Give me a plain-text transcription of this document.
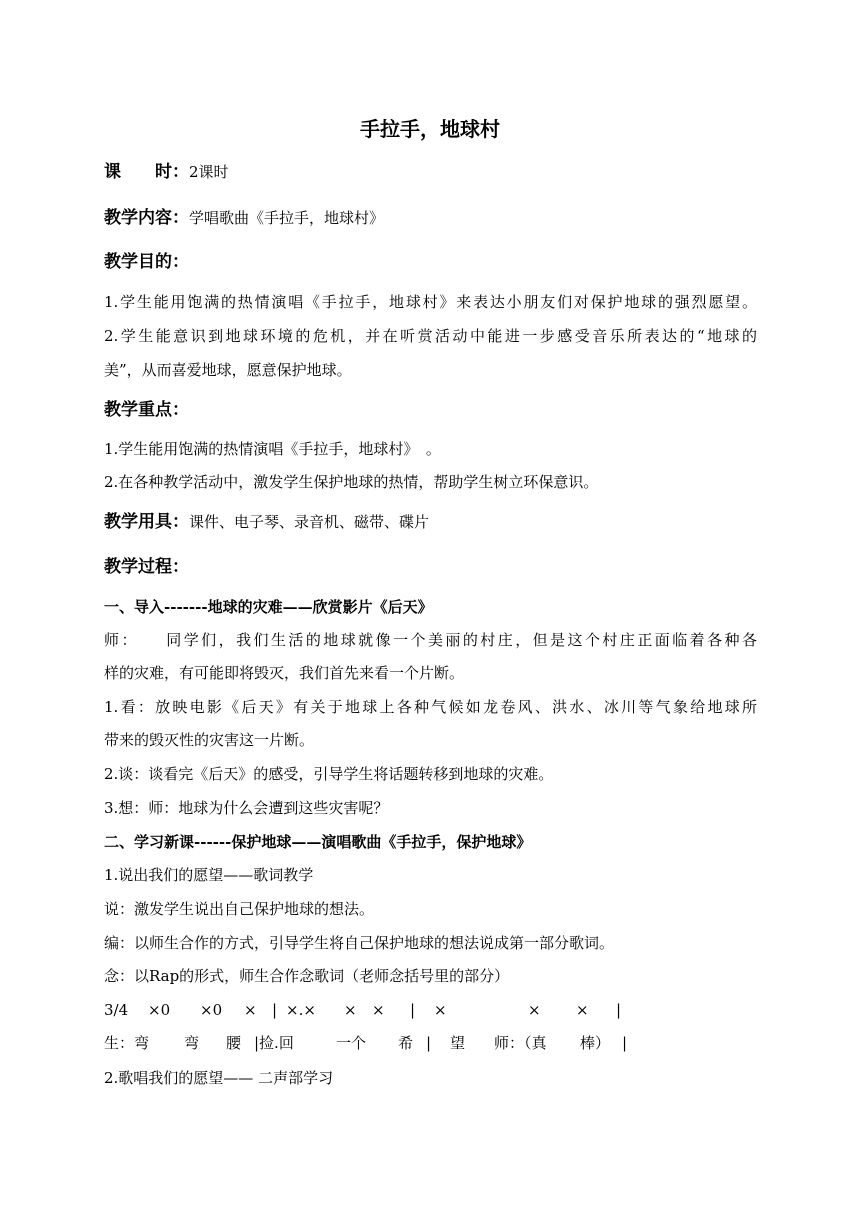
手拉手，地球村
课　　时：2课时
教学内容：学唱歌曲《手拉手，地球村》
教学目的：
1.学生能用饱满的热情演唱《手拉手，地球村》来表达小朋友们对保护地球的强烈愿望。
2.学生能意识到地球环境的危机，并在听赏活动中能进一步感受音乐所表达的“地球的
美”，从而喜爱地球，愿意保护地球。
教学重点：
1.学生能用饱满的热情演唱《手拉手，地球村》　。
2.在各种教学活动中，激发学生保护地球的热情，帮助学生树立环保意识。
教学用具：课件、电子琴、录音机、磁带、碟片
教学过程：
一、导入-------地球的灾难——欣赏影片《后天》
师：　　同学们，我们生活的地球就像一个美丽的村庄，但是这个村庄正面临着各种各
样的灾难，有可能即将毁灭，我们首先来看一个片断。
1.看：放映电影《后天》有关于地球上各种气候如龙卷风、洪水、冰川等气象给地球所
带来的毁灭性的灾害这一片断。
2.谈：谈看完《后天》的感受，引导学生将话题转移到地球的灾难。
3.想：师：地球为什么会遭到这些灾害呢？
二、学习新课------保护地球——演唱歌曲《手拉手，保护地球》
1.说出我们的愿望——歌词教学
说：激发学生说出自己保护地球的想法。
编：以师生合作的方式，引导学生将自己保护地球的想法说成第一部分歌词。
念：以Rap的形式，师生合作念歌词（老师念括号里的部分）
3/4 ×0 ×0 × | ×.× × × | ×	× × |
生：弯 弯 腰 |捡.回	一个 希 | 望 师：（真 棒） |
2.歌唱我们的愿望—— 二声部学习
